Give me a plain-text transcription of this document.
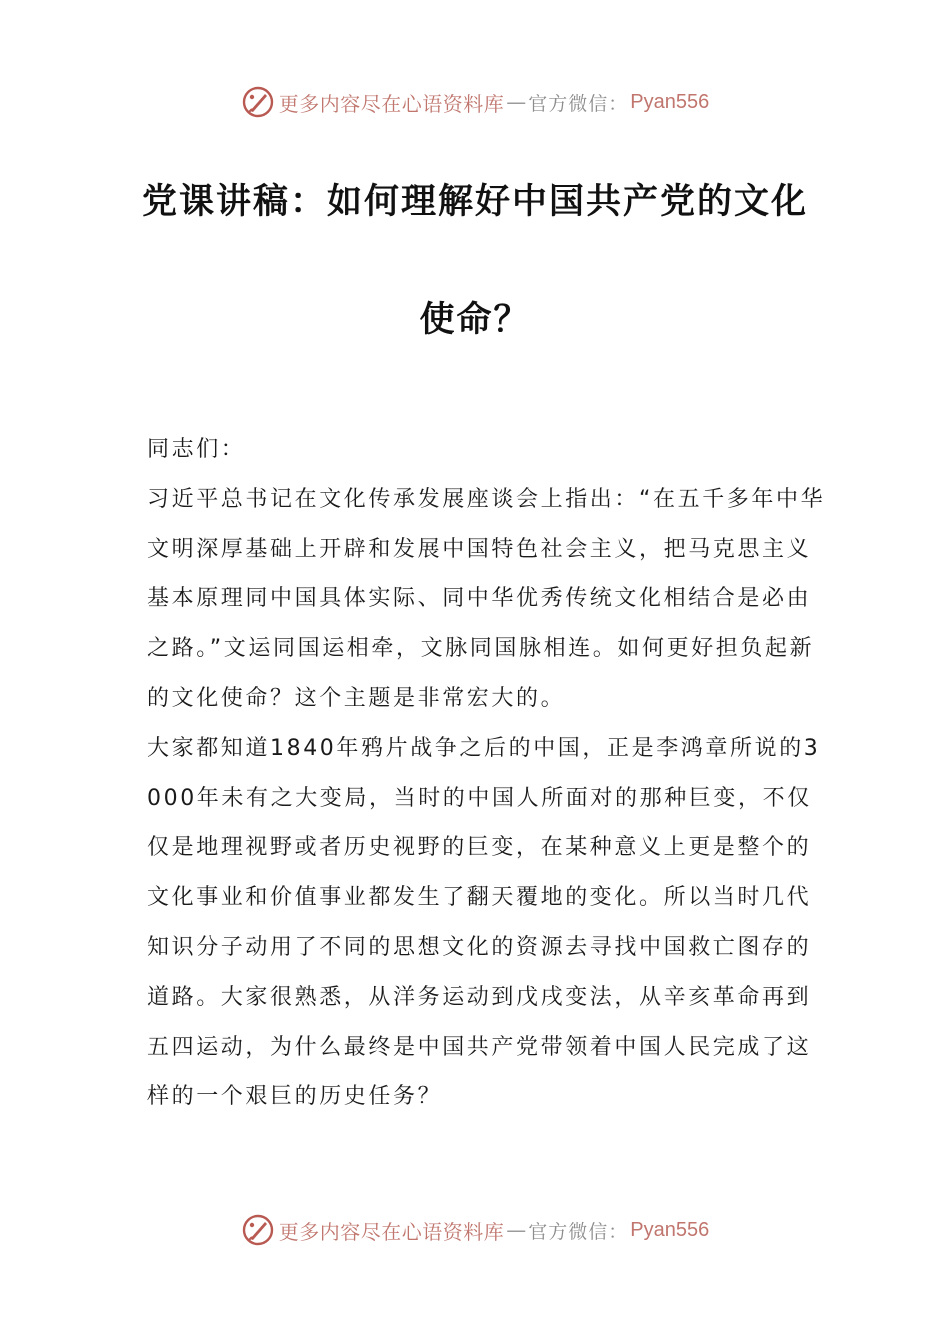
更多内容尽在心语资料库 — 官方微信： Pyan556
党课讲稿：如何理解好中国共产党的文化
使命？

同志们：

习近平总书记在文化传承发展座谈会上指出：“在五千多年中华文明深厚基础上开辟和发展中国特色社会主义，把马克思主义基本原理同中国具体实际、同中华优秀传统文化相结合是必由之路。”文运同国运相牵，文脉同国脉相连。如何更好担负起新的文化使命？这个主题是非常宏大的。

大家都知道1840年鸦片战争之后的中国，正是李鸿章所说的3000年未有之大变局，当时的中国人所面对的那种巨变，不仅仅是地理视野或者历史视野的巨变，在某种意义上更是整个的文化事业和价值事业都发生了翻天覆地的变化。所以当时几代知识分子动用了不同的思想文化的资源去寻找中国救亡图存的道路。大家很熟悉，从洋务运动到戊戌变法，从辛亥革命再到五四运动，为什么最终是中国共产党带领着中国人民完成了这样的一个艰巨的历史任务？

更多内容尽在心语资料库 — 官方微信： Pyan556
